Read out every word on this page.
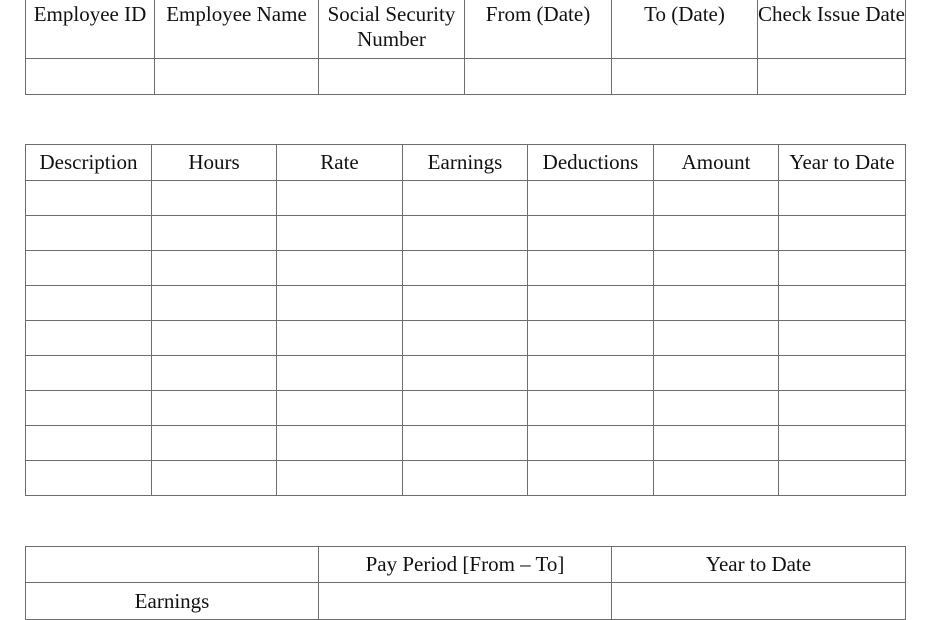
Employee ID	Employee Name	Social Security Number	From (Date)	To (Date)	Check Issue Date

Description	Hours	Rate	Earnings	Deductions	Amount	Year to Date

	Pay Period [From – To]	Year to Date
Earnings		
